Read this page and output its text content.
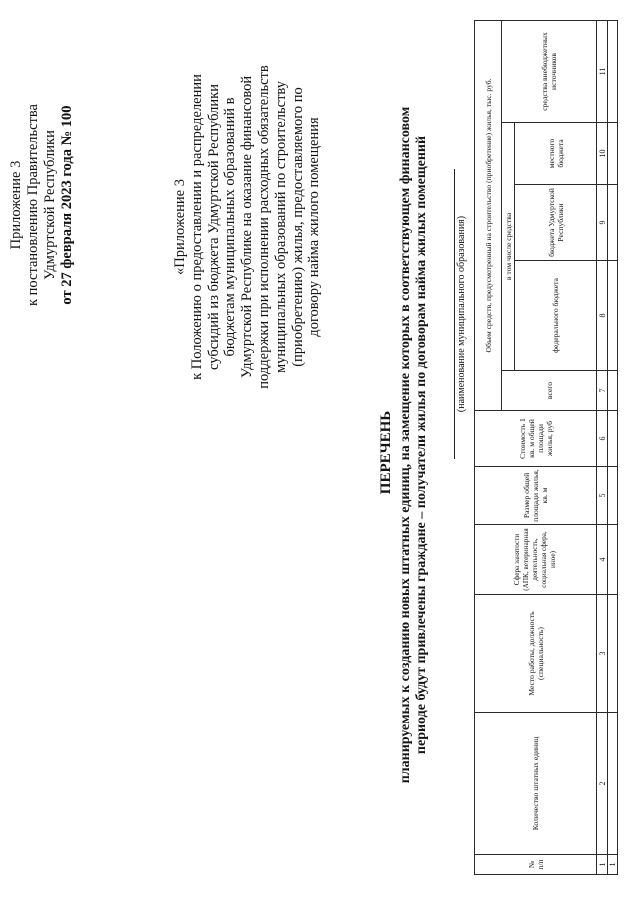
Приложение 3 к постановлению Правительства Удмуртской Республики от 27 февраля 2023 года № 100	«Приложение 3 к Положению о предоставлении и распределении субсидий из бюджета Удмуртской Республики бюджетам муниципальных образований в Удмуртской Республике на оказание финансовой поддержки при исполнении расходных обязательств муниципальных образований по строительству (приобретению) жилья, предоставляемого по договору найма жилого помещения
ПЕРЕЧЕНЬ планируемых к созданию новых штатных единиц, на замещение которых в соответствующем финансовом периоде будут привлечены граждане – получатели жилья по договорам найма жилых помещений	(наименование муниципального образования)
№ п/п	Количество штатных единиц	Место работы, должность (специальность)	Сфера занятости (АПК, ветеринарная деятельность, социальная сфера, иное)	Размер общей площади жилья, кв. м	Стоимость 1 кв. м общей площади жилья, руб	Объем средств, предусмотренный на строительство (приобретение) жилья, тыс. руб.				
						всего	в том числе средства			средства внебюджетных источников
							федерального бюджета	бюджета Удмуртской Республики	местного бюджета	
1	2	3	4	5	6	7	8	9	10	11
1										
